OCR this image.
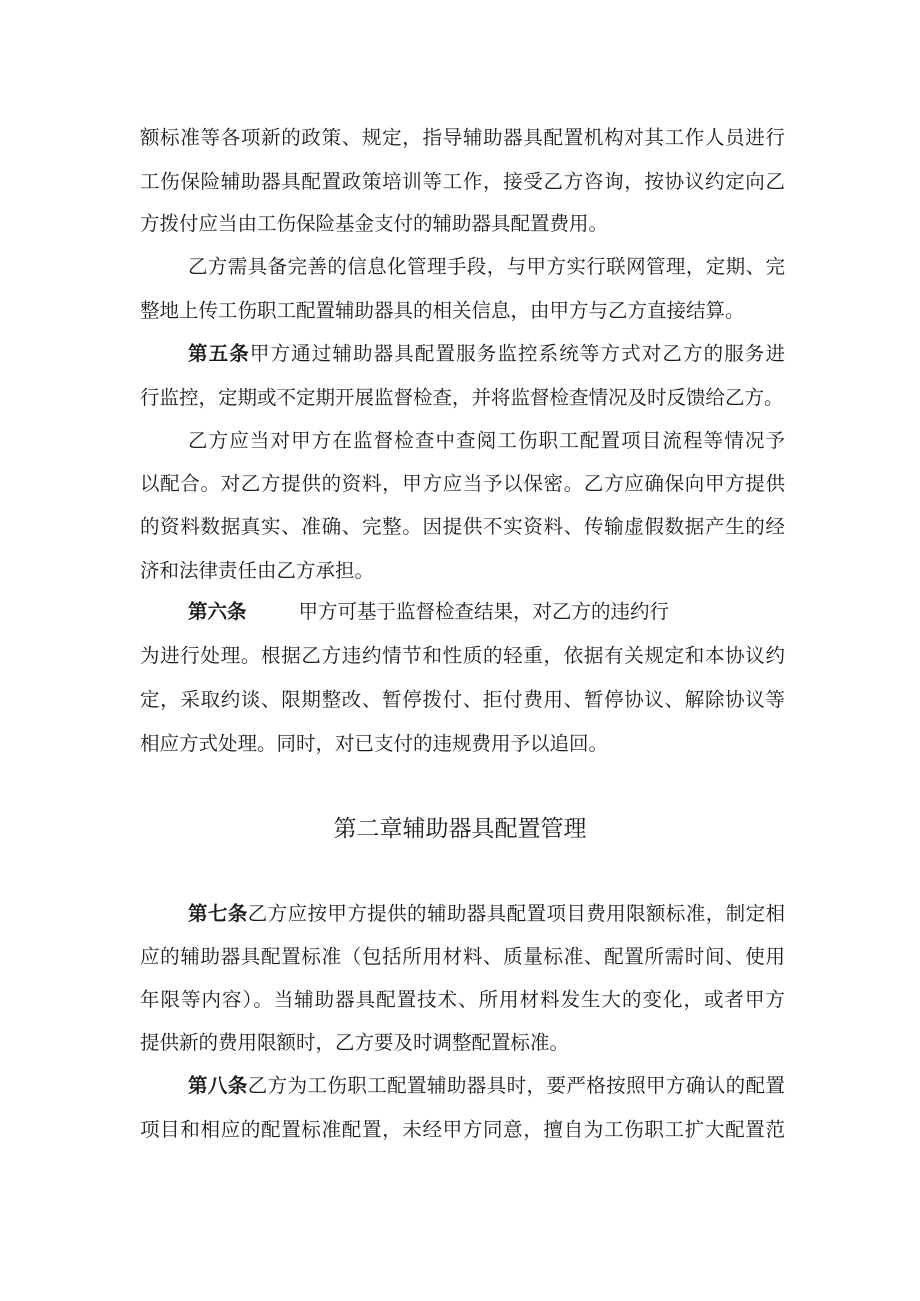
额标准等各项新的政策、规定，指导辅助器具配置机构对其工作人员进行
工伤保险辅助器具配置政策培训等工作，接受乙方咨询，按协议约定向乙
方拨付应当由工伤保险基金支付的辅助器具配置费用。
乙方需具备完善的信息化管理手段，与甲方实行联网管理，定期、完
整地上传工伤职工配置辅助器具的相关信息，由甲方与乙方直接结算。
第五条甲方通过辅助器具配置服务监控系统等方式对乙方的服务进
行监控，定期或不定期开展监督检查，并将监督检查情况及时反馈给乙方。
乙方应当对甲方在监督检查中查阅工伤职工配置项目流程等情况予
以配合。对乙方提供的资料，甲方应当予以保密。乙方应确保向甲方提供
的资料数据真实、准确、完整。因提供不实资料、传输虚假数据产生的经
济和法律责任由乙方承担。
第六条	甲方可基于监督检查结果，对乙方的违约行
为进行处理。根据乙方违约情节和性质的轻重，依据有关规定和本协议约
定，采取约谈、限期整改、暂停拨付、拒付费用、暂停协议、解除协议等
相应方式处理。同时，对已支付的违规费用予以追回。
第二章辅助器具配置管理
第七条乙方应按甲方提供的辅助器具配置项目费用限额标准，制定相
应的辅助器具配置标准（包括所用材料、质量标准、配置所需时间、使用
年限等内容）。当辅助器具配置技术、所用材料发生大的变化，或者甲方
提供新的费用限额时，乙方要及时调整配置标准。
第八条乙方为工伤职工配置辅助器具时，要严格按照甲方确认的配置
项目和相应的配置标准配置，未经甲方同意，擅自为工伤职工扩大配置范
